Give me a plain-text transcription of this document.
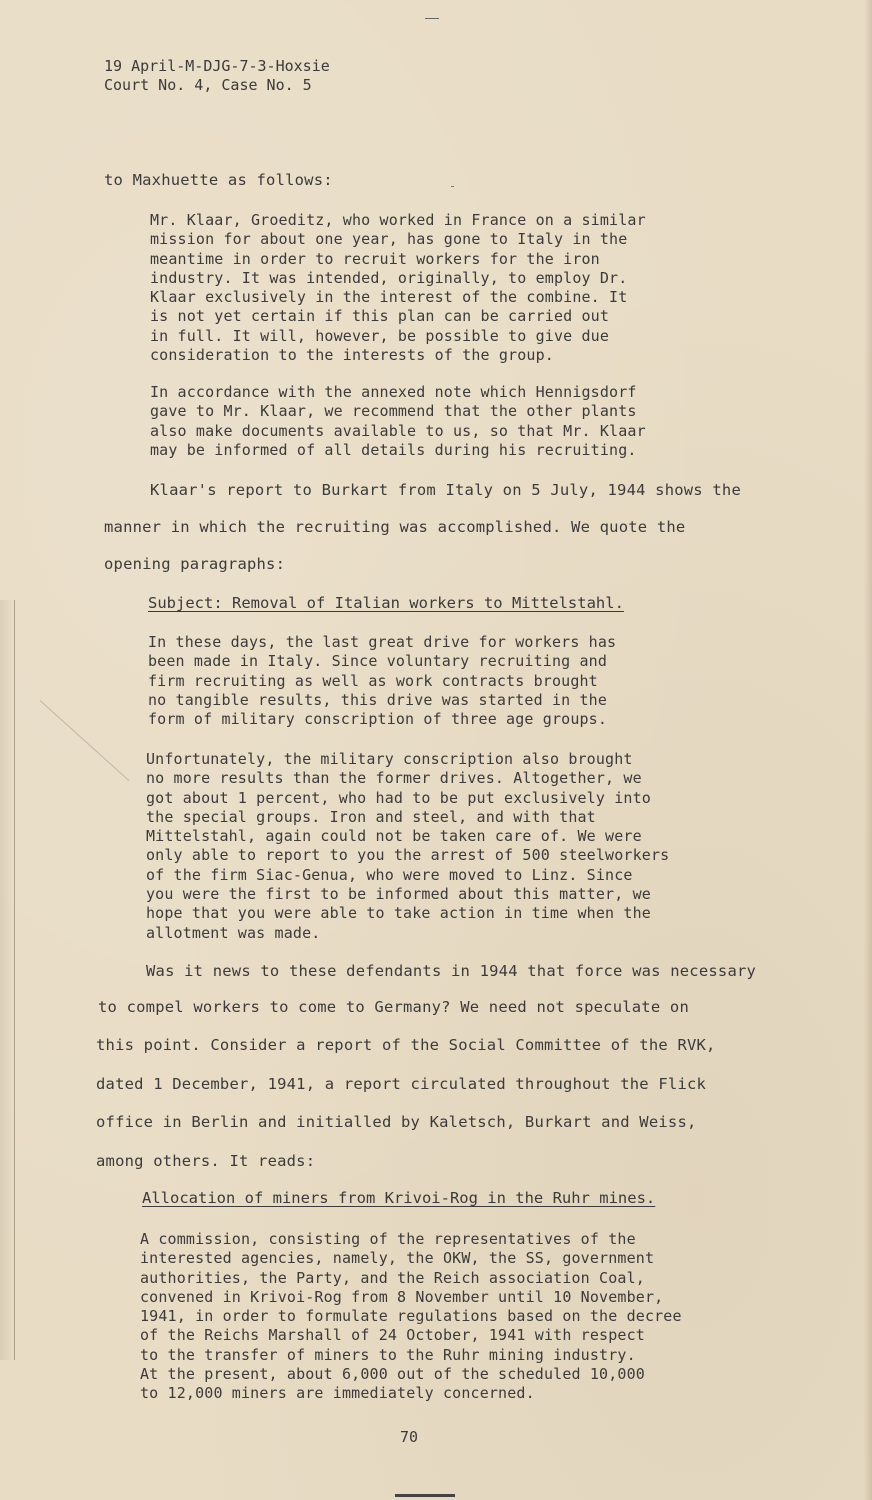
19 April-M-DJG-7-3-Hoxsie

Court No. 4, Case No. 5

to Maxhuette as follows:

Mr. Klaar, Groeditz, who worked in France on a similar
mission for about one year, has gone to Italy in the
meantime in order to recruit workers for the iron
industry. It was intended, originally, to employ Dr.
Klaar exclusively in the interest of the combine. It
is not yet certain if this plan can be carried out
in full. It will, however, be possible to give due
consideration to the interests of the group.

In accordance with the annexed note which Hennigsdorf
gave to Mr. Klaar, we recommend that the other plants
also make documents available to us, so that Mr. Klaar
may be informed of all details during his recruiting.

Klaar's report to Burkart from Italy on 5 July, 1944 shows the

manner in which the recruiting was accomplished. We quote the

opening paragraphs:

Subject: Removal of Italian workers to Mittelstahl.

In these days, the last great drive for workers has
been made in Italy. Since voluntary recruiting and
firm recruiting as well as work contracts brought
no tangible results, this drive was started in the
form of military conscription of three age groups.

Unfortunately, the military conscription also brought
no more results than the former drives. Altogether, we
got about 1 percent, who had to be put exclusively into
the special groups. Iron and steel, and with that
Mittelstahl, again could not be taken care of. We were
only able to report to you the arrest of 500 steelworkers
of the firm Siac-Genua, who were moved to Linz. Since
you were the first to be informed about this matter, we
hope that you were able to take action in time when the
allotment was made.

Was it news to these defendants in 1944 that force was necessary

to compel workers to come to Germany? We need not speculate on

this point. Consider a report of the Social Committee of the RVK,

dated 1 December, 1941, a report circulated throughout the Flick

office in Berlin and initialled by Kaletsch, Burkart and Weiss,

among others. It reads:

Allocation of miners from Krivoi-Rog in the Ruhr mines.

A commission, consisting of the representatives of the
interested agencies, namely, the OKW, the SS, government
authorities, the Party, and the Reich association Coal,
convened in Krivoi-Rog from 8 November until 10 November,
1941, in order to formulate regulations based on the decree
of the Reichs Marshall of 24 October, 1941 with respect
to the transfer of miners to the Ruhr mining industry.
At the present, about 6,000 out of the scheduled 10,000
to 12,000 miners are immediately concerned.

70
